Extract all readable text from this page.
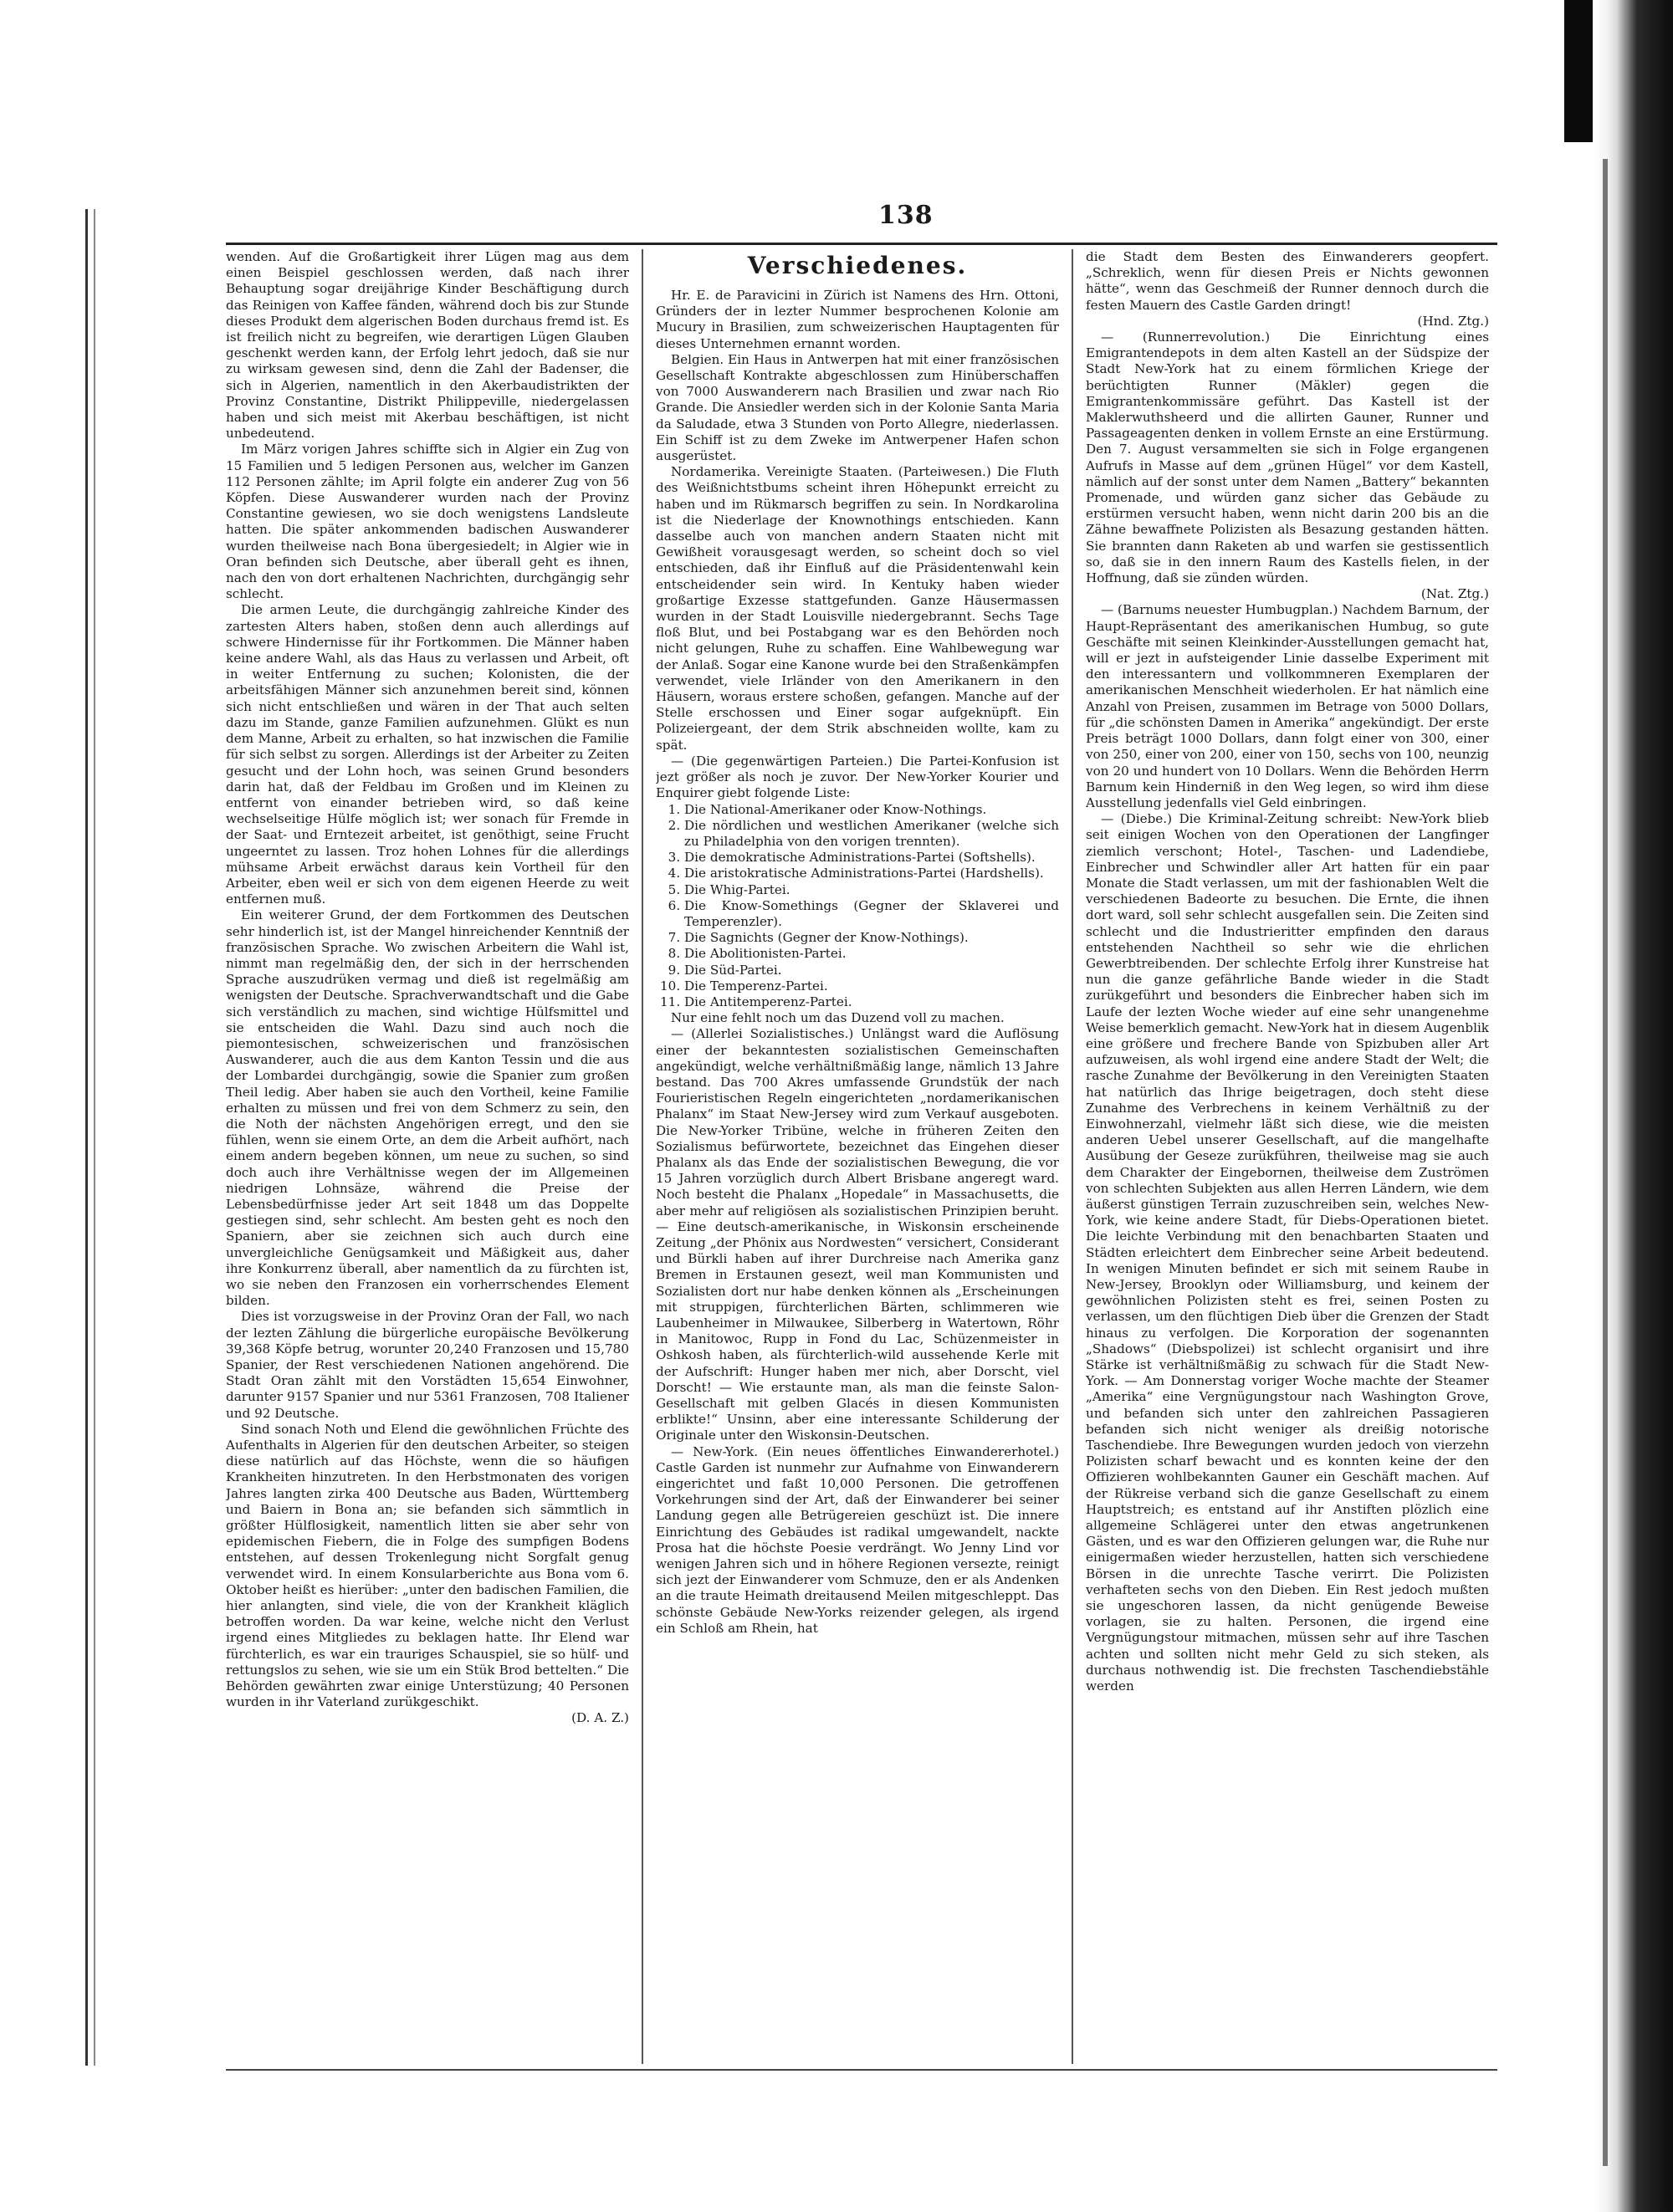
138

wenden. Auf die Großartigkeit ihrer Lügen mag aus dem einen Beispiel geschlossen werden, daß nach ihrer Behauptung sogar dreijährige Kinder Beschäftigung durch das Reinigen von Kaffee fänden, während doch bis zur Stunde dieses Produkt dem algerischen Boden durchaus fremd ist. Es ist freilich nicht zu begreifen, wie derartigen Lügen Glauben geschenkt werden kann, der Erfolg lehrt jedoch, daß sie nur zu wirksam gewesen sind, denn die Zahl der Badenser, die sich in Algerien, namentlich in den Akerbaudistrikten der Provinz Constantine, Distrikt Philippeville, niedergelassen haben und sich meist mit Akerbau beschäftigen, ist nicht unbedeutend.

Im März vorigen Jahres schiffte sich in Algier ein Zug von 15 Familien und 5 ledigen Personen aus, welcher im Ganzen 112 Personen zählte; im April folgte ein anderer Zug von 56 Köpfen. Diese Auswanderer wurden nach der Provinz Constantine gewiesen, wo sie doch wenigstens Landsleute hatten. Die später ankommenden badischen Auswanderer wurden theilweise nach Bona übergesiedelt; in Algier wie in Oran befinden sich Deutsche, aber überall geht es ihnen, nach den von dort erhaltenen Nachrichten, durchgängig sehr schlecht.

Die armen Leute, die durchgängig zahlreiche Kinder des zartesten Alters haben, stoßen denn auch allerdings auf schwere Hindernisse für ihr Fortkommen. Die Männer haben keine andere Wahl, als das Haus zu verlassen und Arbeit, oft in weiter Entfernung zu suchen; Kolonisten, die der arbeitsfähigen Männer sich anzunehmen bereit sind, können sich nicht entschließen und wären in der That auch selten dazu im Stande, ganze Familien aufzunehmen. Glükt es nun dem Manne, Arbeit zu erhalten, so hat inzwischen die Familie für sich selbst zu sorgen. Allerdings ist der Arbeiter zu Zeiten gesucht und der Lohn hoch, was seinen Grund besonders darin hat, daß der Feldbau im Großen und im Kleinen zu entfernt von einander betrieben wird, so daß keine wechselseitige Hülfe möglich ist; wer sonach für Fremde in der Saat- und Erntezeit arbeitet, ist genöthigt, seine Frucht ungeerntet zu lassen. Troz hohen Lohnes für die allerdings mühsame Arbeit erwächst daraus kein Vortheil für den Arbeiter, eben weil er sich von dem eigenen Heerde zu weit entfernen muß.

Ein weiterer Grund, der dem Fortkommen des Deutschen sehr hinderlich ist, ist der Mangel hinreichender Kenntniß der französischen Sprache. Wo zwischen Arbeitern die Wahl ist, nimmt man regelmäßig den, der sich in der herrschenden Sprache auszudrüken vermag und dieß ist regelmäßig am wenigsten der Deutsche. Sprachverwandtschaft und die Gabe sich verständlich zu machen, sind wichtige Hülfsmittel und sie entscheiden die Wahl. Dazu sind auch noch die piemontesischen, schweizerischen und französischen Auswanderer, auch die aus dem Kanton Tessin und die aus der Lombardei durchgängig, sowie die Spanier zum großen Theil ledig. Aber haben sie auch den Vortheil, keine Familie erhalten zu müssen und frei von dem Schmerz zu sein, den die Noth der nächsten Angehörigen erregt, und den sie fühlen, wenn sie einem Orte, an dem die Arbeit aufhört, nach einem andern begeben können, um neue zu suchen, so sind doch auch ihre Verhältnisse wegen der im Allgemeinen niedrigen Lohnsäze, während die Preise der Lebensbedürfnisse jeder Art seit 1848 um das Doppelte gestiegen sind, sehr schlecht. Am besten geht es noch den Spaniern, aber sie zeichnen sich auch durch eine unvergleichliche Genügsamkeit und Mäßigkeit aus, daher ihre Konkurrenz überall, aber namentlich da zu fürchten ist, wo sie neben den Franzosen ein vorherrschendes Element bilden.

Dies ist vorzugsweise in der Provinz Oran der Fall, wo nach der lezten Zählung die bürgerliche europäische Bevölkerung 39,368 Köpfe betrug, worunter 20,240 Franzosen und 15,780 Spanier, der Rest verschiedenen Nationen angehörend. Die Stadt Oran zählt mit den Vorstädten 15,654 Einwohner, darunter 9157 Spanier und nur 5361 Franzosen, 708 Italiener und 92 Deutsche.

Sind sonach Noth und Elend die gewöhnlichen Früchte des Aufenthalts in Algerien für den deutschen Arbeiter, so steigen diese natürlich auf das Höchste, wenn die so häufigen Krankheiten hinzutreten. In den Herbstmonaten des vorigen Jahres langten zirka 400 Deutsche aus Baden, Württemberg und Baiern in Bona an; sie befanden sich sämmtlich in größter Hülflosigkeit, namentlich litten sie aber sehr von epidemischen Fiebern, die in Folge des sumpfigen Bodens entstehen, auf dessen Trokenlegung nicht Sorgfalt genug verwendet wird. In einem Konsularberichte aus Bona vom 6. Oktober heißt es hierüber: „unter den badischen Familien, die hier anlangten, sind viele, die von der Krankheit kläglich betroffen worden. Da war keine, welche nicht den Verlust irgend eines Mitgliedes zu beklagen hatte. Ihr Elend war fürchterlich, es war ein trauriges Schauspiel, sie so hülf- und rettungslos zu sehen, wie sie um ein Stük Brod bettelten.“ Die Behörden gewährten zwar einige Unterstüzung; 40 Personen wurden in ihr Vaterland zurükgeschikt.

(D. A. Z.)

Verschiedenes.

Hr. E. de Paravicini in Zürich ist Namens des Hrn. Ottoni, Gründers der in lezter Nummer besprochenen Kolonie am Mucury in Brasilien, zum schweizerischen Hauptagenten für dieses Unternehmen ernannt worden.

Belgien. Ein Haus in Antwerpen hat mit einer französischen Gesellschaft Kontrakte abgeschlossen zum Hinüberschaffen von 7000 Auswanderern nach Brasilien und zwar nach Rio Grande. Die Ansiedler werden sich in der Kolonie Santa Maria da Saludade, etwa 3 Stunden von Porto Allegre, niederlassen. Ein Schiff ist zu dem Zweke im Antwerpener Hafen schon ausgerüstet.

Nordamerika. Vereinigte Staaten. (Parteiwesen.) Die Fluth des Weißnichtstbums scheint ihren Höhepunkt erreicht zu haben und im Rükmarsch begriffen zu sein. In Nordkarolina ist die Niederlage der Knownothings entschieden. Kann dasselbe auch von manchen andern Staaten nicht mit Gewißheit vorausgesagt werden, so scheint doch so viel entschieden, daß ihr Einfluß auf die Präsidentenwahl kein entscheidender sein wird. In Kentuky haben wieder großartige Exzesse stattgefunden. Ganze Häusermassen wurden in der Stadt Louisville niedergebrannt. Sechs Tage floß Blut, und bei Postabgang war es den Behörden noch nicht gelungen, Ruhe zu schaffen. Eine Wahlbewegung war der Anlaß. Sogar eine Kanone wurde bei den Straßenkämpfen verwendet, viele Irländer von den Amerikanern in den Häusern, woraus erstere schoßen, gefangen. Manche auf der Stelle erschossen und Einer sogar aufgeknüpft. Ein Polizeiergeant, der dem Strik abschneiden wollte, kam zu spät.

— (Die gegenwärtigen Parteien.) Die Partei-Konfusion ist jezt größer als noch je zuvor. Der New-Yorker Kourier und Enquirer giebt folgende Liste:

1. Die National-Amerikaner oder Know-Nothings.
2. Die nördlichen und westlichen Amerikaner (welche sich zu Philadelphia von den vorigen trennten).
3. Die demokratische Administrations-Partei (Softshells).
4. Die aristokratische Administrations-Partei (Hardshells).
5. Die Whig-Partei.
6. Die Know-Somethings (Gegner der Sklaverei und Temperenzler).
7. Die Sagnichts (Gegner der Know-Nothings).
8. Die Abolitionisten-Partei.
9. Die Süd-Partei.
10. Die Temperenz-Partei.
11. Die Antitemperenz-Partei.

Nur eine fehlt noch um das Duzend voll zu machen.

— (Allerlei Sozialistisches.) Unlängst ward die Auflösung einer der bekanntesten sozialistischen Gemeinschaften angekündigt, welche verhältnißmäßig lange, nämlich 13 Jahre bestand. Das 700 Akres umfassende Grundstük der nach Fourieristischen Regeln eingerichteten „nordamerikanischen Phalanx“ im Staat New-Jersey wird zum Verkauf ausgeboten. Die New-Yorker Tribüne, welche in früheren Zeiten den Sozialismus befürwortete, bezeichnet das Eingehen dieser Phalanx als das Ende der sozialistischen Bewegung, die vor 15 Jahren vorzüglich durch Albert Brisbane angeregt ward. Noch besteht die Phalanx „Hopedale“ in Massachusetts, die aber mehr auf religiösen als sozialistischen Prinzipien beruht. — Eine deutsch-amerikanische, in Wiskonsin erscheinende Zeitung „der Phönix aus Nordwesten“ versichert, Considerant und Bürkli haben auf ihrer Durchreise nach Amerika ganz Bremen in Erstaunen gesezt, weil man Kommunisten und Sozialisten dort nur habe denken können als „Erscheinungen mit struppigen, fürchterlichen Bärten, schlimmeren wie Laubenheimer in Milwaukee, Silberberg in Watertown, Röhr in Manitowoc, Rupp in Fond du Lac, Schüzenmeister in Oshkosh haben, als fürchterlich-wild aussehende Kerle mit der Aufschrift: Hunger haben mer nich, aber Dorscht, viel Dorscht! — Wie erstaunte man, als man die feinste Salon-Gesellschaft mit gelben Glacés in diesen Kommunisten erblikte!“ Unsinn, aber eine interessante Schilderung der Originale unter den Wiskonsin-Deutschen.

— New-York. (Ein neues öffentliches Einwandererhotel.) Castle Garden ist nunmehr zur Aufnahme von Einwanderern eingerichtet und faßt 10,000 Personen. Die getroffenen Vorkehrungen sind der Art, daß der Einwanderer bei seiner Landung gegen alle Betrügereien geschüzt ist. Die innere Einrichtung des Gebäudes ist radikal umgewandelt, nackte Prosa hat die höchste Poesie verdrängt. Wo Jenny Lind vor wenigen Jahren sich und in höhere Regionen versezte, reinigt sich jezt der Einwanderer vom Schmuze, den er als Andenken an die traute Heimath dreitausend Meilen mitgeschleppt. Das schönste Gebäude New-Yorks reizender gelegen, als irgend ein Schloß am Rhein, hat

die Stadt dem Besten des Einwanderers geopfert. „Schreklich, wenn für diesen Preis er Nichts gewonnen hätte“, wenn das Geschmeiß der Runner dennoch durch die festen Mauern des Castle Garden dringt!

(Hnd. Ztg.)

— (Runnerrevolution.) Die Einrichtung eines Emigrantendepots in dem alten Kastell an der Südspize der Stadt New-York hat zu einem förmlichen Kriege der berüchtigten Runner (Mäkler) gegen die Emigrantenkommissäre geführt. Das Kastell ist der Maklerwuthsheerd und die allirten Gauner, Runner und Passageagenten denken in vollem Ernste an eine Erstürmung. Den 7. August versammelten sie sich in Folge ergangenen Aufrufs in Masse auf dem „grünen Hügel“ vor dem Kastell, nämlich auf der sonst unter dem Namen „Battery“ bekannten Promenade, und würden ganz sicher das Gebäude zu erstürmen versucht haben, wenn nicht darin 200 bis an die Zähne bewaffnete Polizisten als Besazung gestanden hätten. Sie brannten dann Raketen ab und warfen sie gestissentlich so, daß sie in den innern Raum des Kastells fielen, in der Hoffnung, daß sie zünden würden.

(Nat. Ztg.)

— (Barnums neuester Humbugplan.) Nachdem Barnum, der Haupt-Repräsentant des amerikanischen Humbug, so gute Geschäfte mit seinen Kleinkinder-Ausstellungen gemacht hat, will er jezt in aufsteigender Linie dasselbe Experiment mit den interessantern und vollkommneren Exemplaren der amerikanischen Menschheit wiederholen. Er hat nämlich eine Anzahl von Preisen, zusammen im Betrage von 5000 Dollars, für „die schönsten Damen in Amerika“ angekündigt. Der erste Preis beträgt 1000 Dollars, dann folgt einer von 300, einer von 250, einer von 200, einer von 150, sechs von 100, neunzig von 20 und hundert von 10 Dollars. Wenn die Behörden Herrn Barnum kein Hinderniß in den Weg legen, so wird ihm diese Ausstellung jedenfalls viel Geld einbringen.

— (Diebe.) Die Kriminal-Zeitung schreibt: New-York blieb seit einigen Wochen von den Operationen der Langfinger ziemlich verschont; Hotel-, Taschen- und Ladendiebe, Einbrecher und Schwindler aller Art hatten für ein paar Monate die Stadt verlassen, um mit der fashionablen Welt die verschiedenen Badeorte zu besuchen. Die Ernte, die ihnen dort ward, soll sehr schlecht ausgefallen sein. Die Zeiten sind schlecht und die Industrieritter empfinden den daraus entstehenden Nachtheil so sehr wie die ehrlichen Gewerbtreibenden. Der schlechte Erfolg ihrer Kunstreise hat nun die ganze gefährliche Bande wieder in die Stadt zurükgeführt und besonders die Einbrecher haben sich im Laufe der lezten Woche wieder auf eine sehr unangenehme Weise bemerklich gemacht. New-York hat in diesem Augenblik eine größere und frechere Bande von Spizbuben aller Art aufzuweisen, als wohl irgend eine andere Stadt der Welt; die rasche Zunahme der Bevölkerung in den Vereinigten Staaten hat natürlich das Ihrige beigetragen, doch steht diese Zunahme des Verbrechens in keinem Verhältniß zu der Einwohnerzahl, vielmehr läßt sich diese, wie die meisten anderen Uebel unserer Gesellschaft, auf die mangelhafte Ausübung der Geseze zurükführen, theilweise mag sie auch dem Charakter der Eingebornen, theilweise dem Zuströmen von schlechten Subjekten aus allen Herren Ländern, wie dem äußerst günstigen Terrain zuzuschreiben sein, welches New-York, wie keine andere Stadt, für Diebs-Operationen bietet. Die leichte Verbindung mit den benachbarten Staaten und Städten erleichtert dem Einbrecher seine Arbeit bedeutend. In wenigen Minuten befindet er sich mit seinem Raube in New-Jersey, Brooklyn oder Williamsburg, und keinem der gewöhnlichen Polizisten steht es frei, seinen Posten zu verlassen, um den flüchtigen Dieb über die Grenzen der Stadt hinaus zu verfolgen. Die Korporation der sogenannten „Shadows“ (Diebspolizei) ist schlecht organisirt und ihre Stärke ist verhältnißmäßig zu schwach für die Stadt New-York. — Am Donnerstag voriger Woche machte der Steamer „Amerika“ eine Vergnügungstour nach Washington Grove, und befanden sich unter den zahlreichen Passagieren befanden sich nicht weniger als dreißig notorische Taschendiebe. Ihre Bewegungen wurden jedoch von vierzehn Polizisten scharf bewacht und es konnten keine der den Offizieren wohlbekannten Gauner ein Geschäft machen. Auf der Rükreise verband sich die ganze Gesellschaft zu einem Hauptstreich; es entstand auf ihr Anstiften plözlich eine allgemeine Schlägerei unter den etwas angetrunkenen Gästen, und es war den Offizieren gelungen war, die Ruhe nur einigermaßen wieder herzustellen, hatten sich verschiedene Börsen in die unrechte Tasche verirrt. Die Polizisten verhafteten sechs von den Dieben. Ein Rest jedoch mußten sie ungeschoren lassen, da nicht genügende Beweise vorlagen, sie zu halten. Personen, die irgend eine Vergnügungstour mitmachen, müssen sehr auf ihre Taschen achten und sollten nicht mehr Geld zu sich steken, als durchaus nothwendig ist. Die frechsten Taschendiebstähle werden
